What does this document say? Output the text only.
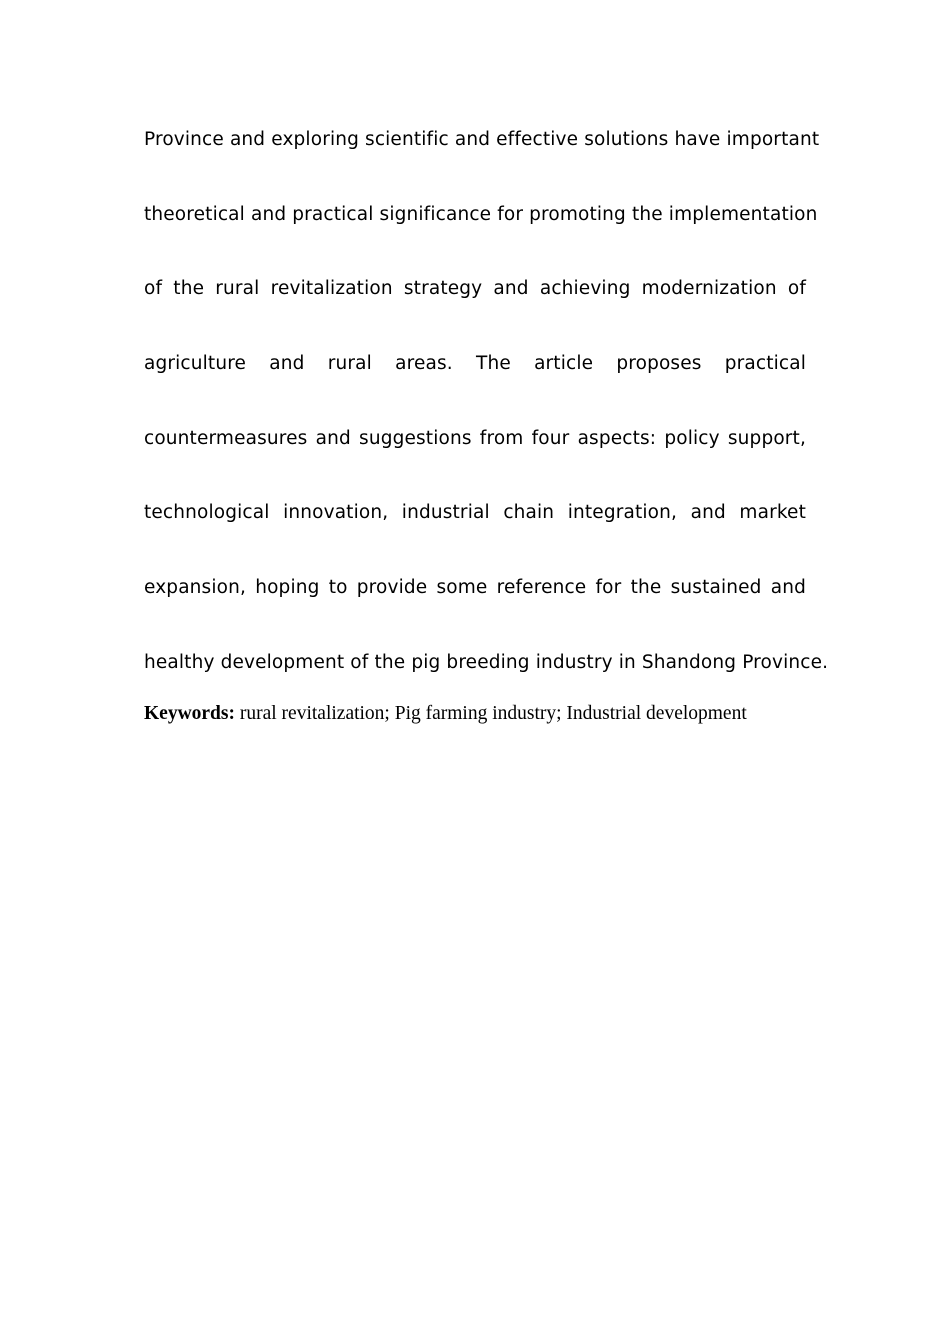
Province and exploring scientific and effective solutions have important
theoretical and practical significance for promoting the implementation
of the rural revitalization strategy and achieving modernization of
agriculture and rural areas. The article proposes practical
countermeasures and suggestions from four aspects: policy support,
technological innovation, industrial chain integration, and market
expansion, hoping to provide some reference for the sustained and
healthy development of the pig breeding industry in Shandong Province.

Keywords: rural revitalization; Pig farming industry; Industrial development
